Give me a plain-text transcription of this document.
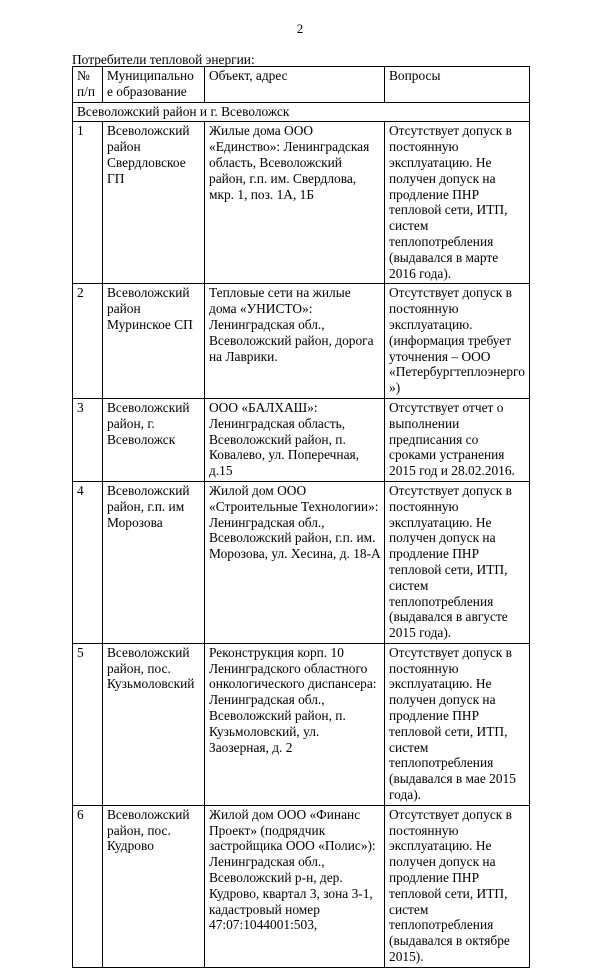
2
Потребители тепловой энергии:
№ п/п	Муниципально е образование	Объект, адрес	Вопросы
Всеволожский район и г. Всеволожск			
1	Всеволожский район Свердловское ГП	Жилые дома ООО «Единство»: Ленинградская область, Всеволожский район, г.п. им. Свердлова, мкр. 1, поз. 1А, 1Б	Отсутствует допуск в постоянную эксплуатацию. Не получен допуск на продление ПНР тепловой сети, ИТП, систем теплопотребления (выдавался в марте 2016 года).
2	Всеволожский район Муринское СП	Тепловые сети на жилые дома «УНИСТО»: Ленинградская обл., Всеволожский район, дорога на Лаврики.	Отсутствует допуск в постоянную эксплуатацию. (информация требует уточнения – ООО «Петербургтеплоэнерго»)
3	Всеволожский район, г. Всеволожск	ООО «БАЛХАШ»: Ленинградская область, Всеволожский район, п. Ковалево, ул. Поперечная, д.15	Отсутствует отчет о выполнении предписания со сроками устранения 2015 год и 28.02.2016.
4	Всеволожский район, г.п. им Морозова	Жилой дом ООО «Строительные Технологии»: Ленинградская обл., Всеволожский район, г.п. им. Морозова, ул. Хесина, д. 18-А	Отсутствует допуск в постоянную эксплуатацию. Не получен допуск на продление ПНР тепловой сети, ИТП, систем теплопотребления (выдавался в августе 2015 года).
5	Всеволожский район, пос. Кузьмоловский	Реконструкция корп. 10 Ленинградского областного онкологического диспансера: Ленинградская обл., Всеволожский район, п. Кузьмоловский, ул. Заозерная, д. 2	Отсутствует допуск в постоянную эксплуатацию. Не получен допуск на продление ПНР тепловой сети, ИТП, систем теплопотребления (выдавался в мае 2015 года).
6	Всеволожский район, пос. Кудрово	Жилой дом ООО «Финанс Проект» (подрядчик застройщика ООО «Полис»): Ленинградская обл., Всеволожский р-н, дер. Кудрово, квартал 3, зона 3-1, кадастровый номер 47:07:1044001:503,	Отсутствует допуск в постоянную эксплуатацию. Не получен допуск на продление ПНР тепловой сети, ИТП, систем теплопотребления (выдавался в октябре 2015).
